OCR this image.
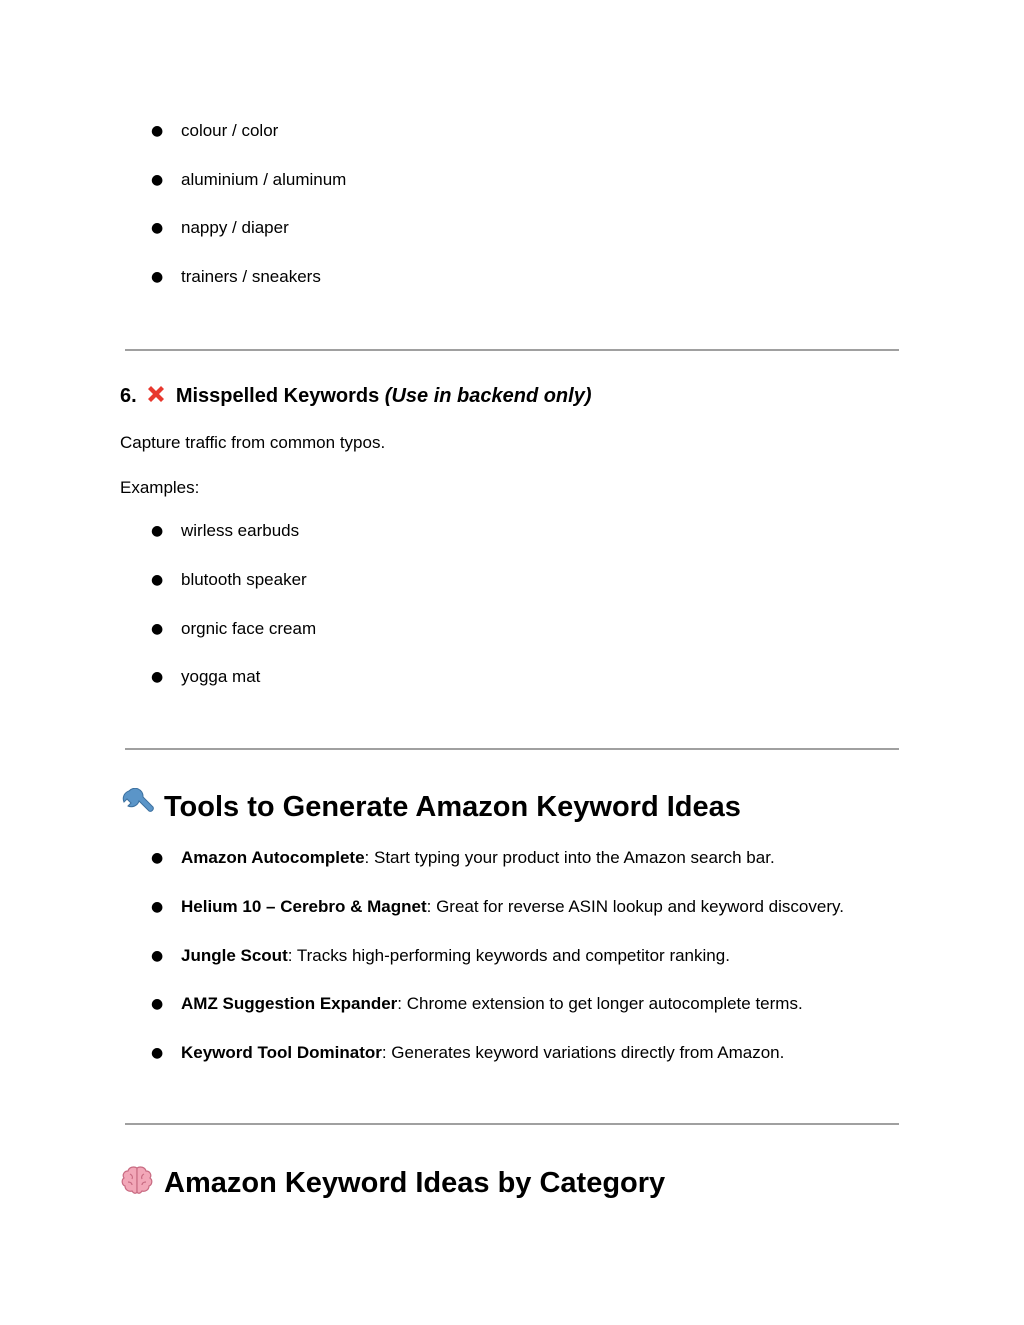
● colour / color
● aluminium / aluminum
● nappy / diaper
● trainers / sneakers
6. Misspelled Keywords (Use in backend only)
Capture traffic from common typos.
Examples:
● wirless earbuds
● blutooth speaker
● orgnic face cream
● yogga mat
Tools to Generate Amazon Keyword Ideas
● Amazon Autocomplete: Start typing your product into the Amazon search bar.
● Helium 10 – Cerebro & Magnet: Great for reverse ASIN lookup and keyword discovery.
● Jungle Scout: Tracks high-performing keywords and competitor ranking.
● AMZ Suggestion Expander: Chrome extension to get longer autocomplete terms.
● Keyword Tool Dominator: Generates keyword variations directly from Amazon.
Amazon Keyword Ideas by Category
